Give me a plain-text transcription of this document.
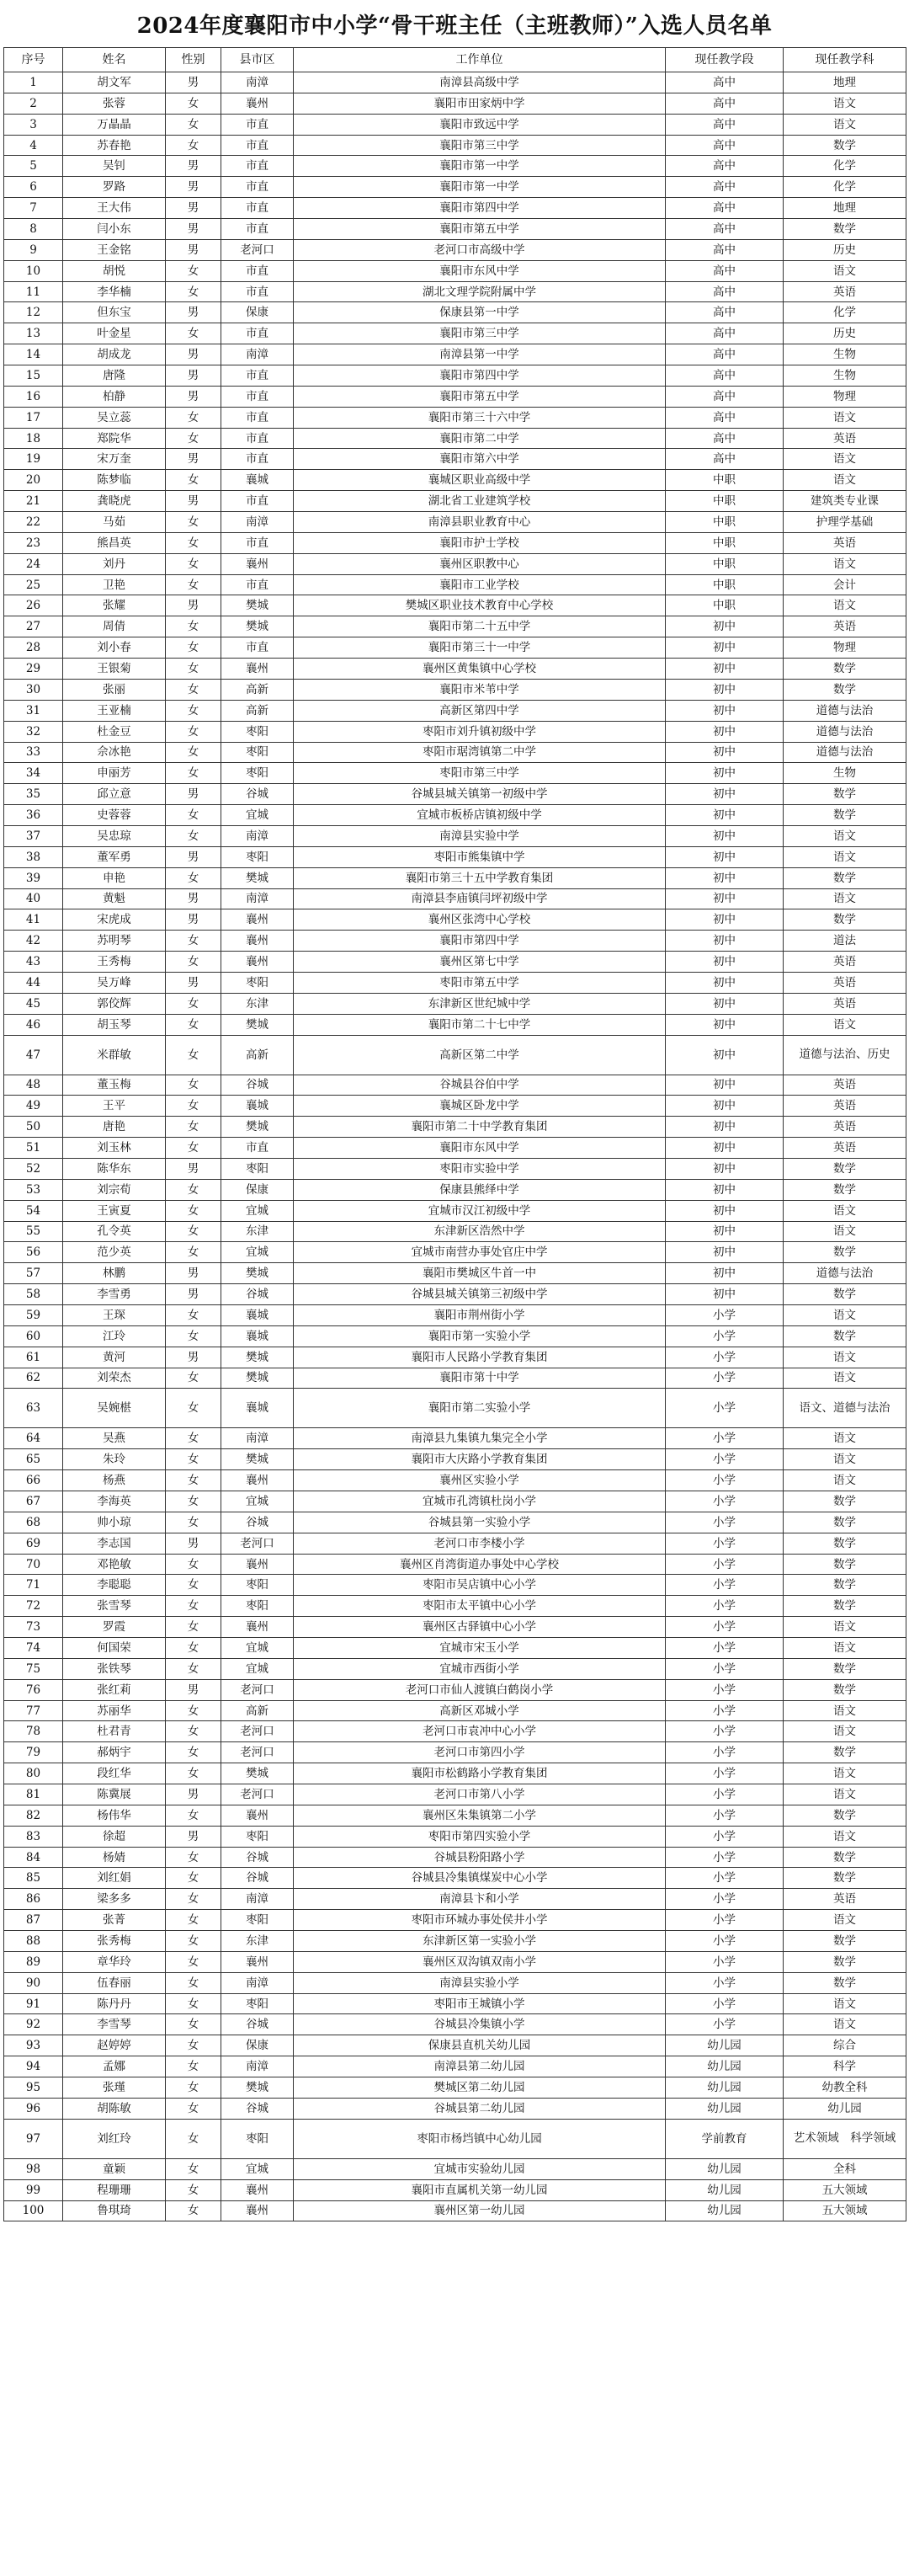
2024年度襄阳市中小学“骨干班主任（主班教师）”入选人员名单
序号	姓名	性别	县市区	工作单位	现任教学段	现任教学科
1	胡文军	男	南漳	南漳县高级中学	高中	地理
2	张蓉	女	襄州	襄阳市田家炳中学	高中	语文
3	万晶晶	女	市直	襄阳市致远中学	高中	语文
4	苏春艳	女	市直	襄阳市第三中学	高中	数学
5	吴钊	男	市直	襄阳市第一中学	高中	化学
6	罗路	男	市直	襄阳市第一中学	高中	化学
7	王大伟	男	市直	襄阳市第四中学	高中	地理
8	闫小东	男	市直	襄阳市第五中学	高中	数学
9	王金铭	男	老河口	老河口市高级中学	高中	历史
10	胡悦	女	市直	襄阳市东风中学	高中	语文
11	李华楠	女	市直	湖北文理学院附属中学	高中	英语
12	但东宝	男	保康	保康县第一中学	高中	化学
13	叶金星	女	市直	襄阳市第三中学	高中	历史
14	胡成龙	男	南漳	南漳县第一中学	高中	生物
15	唐隆	男	市直	襄阳市第四中学	高中	生物
16	柏静	男	市直	襄阳市第五中学	高中	物理
17	吴立蕊	女	市直	襄阳市第三十六中学	高中	语文
18	郑院华	女	市直	襄阳市第二中学	高中	英语
19	宋万奎	男	市直	襄阳市第六中学	高中	语文
20	陈梦临	女	襄城	襄城区职业高级中学	中职	语文
21	龚晓虎	男	市直	湖北省工业建筑学校	中职	建筑类专业课
22	马茹	女	南漳	南漳县职业教育中心	中职	护理学基础
23	熊昌英	女	市直	襄阳市护士学校	中职	英语
24	刘丹	女	襄州	襄州区职教中心	中职	语文
25	卫艳	女	市直	襄阳市工业学校	中职	会计
26	张耀	男	樊城	樊城区职业技术教育中心学校	中职	语文
27	周倩	女	樊城	襄阳市第二十五中学	初中	英语
28	刘小春	女	市直	襄阳市第三十一中学	初中	物理
29	王银菊	女	襄州	襄州区黄集镇中心学校	初中	数学
30	张丽	女	高新	襄阳市米苇中学	初中	数学
31	王亚楠	女	高新	高新区第四中学	初中	道德与法治
32	杜金豆	女	枣阳	枣阳市刘升镇初级中学	初中	道德与法治
33	佘冰艳	女	枣阳	枣阳市琚湾镇第二中学	初中	道德与法治
34	申丽芳	女	枣阳	枣阳市第三中学	初中	生物
35	邱立意	男	谷城	谷城县城关镇第一初级中学	初中	数学
36	史蓉蓉	女	宜城	宜城市板桥店镇初级中学	初中	数学
37	吴忠琼	女	南漳	南漳县实验中学	初中	语文
38	董军勇	男	枣阳	枣阳市熊集镇中学	初中	语文
39	申艳	女	樊城	襄阳市第三十五中学教育集团	初中	数学
40	黄魁	男	南漳	南漳县李庙镇闫坪初级中学	初中	语文
41	宋虎成	男	襄州	襄州区张湾中心学校	初中	数学
42	苏明琴	女	襄州	襄阳市第四中学	初中	道法
43	王秀梅	女	襄州	襄州区第七中学	初中	英语
44	吴万峰	男	枣阳	枣阳市第五中学	初中	英语
45	郭佼辉	女	东津	东津新区世纪城中学	初中	英语
46	胡玉琴	女	樊城	襄阳市第二十七中学	初中	语文
47	米群敏	女	高新	高新区第二中学	初中	道德与法治、历史
48	董玉梅	女	谷城	谷城县谷伯中学	初中	英语
49	王平	女	襄城	襄城区卧龙中学	初中	英语
50	唐艳	女	樊城	襄阳市第二十中学教育集团	初中	英语
51	刘玉林	女	市直	襄阳市东风中学	初中	英语
52	陈华东	男	枣阳	枣阳市实验中学	初中	数学
53	刘宗荀	女	保康	保康县熊绎中学	初中	数学
54	王寅夏	女	宜城	宜城市汉江初级中学	初中	语文
55	孔令英	女	东津	东津新区浩然中学	初中	语文
56	范少英	女	宜城	宜城市南营办事处官庄中学	初中	数学
57	林鹏	男	樊城	襄阳市樊城区牛首一中	初中	道德与法治
58	李雪勇	男	谷城	谷城县城关镇第三初级中学	初中	数学
59	王琛	女	襄城	襄阳市荆州街小学	小学	语文
60	江玲	女	襄城	襄阳市第一实验小学	小学	数学
61	黄河	男	樊城	襄阳市人民路小学教育集团	小学	语文
62	刘荣杰	女	樊城	襄阳市第十中学	小学	语文
63	吴婉椹	女	襄城	襄阳市第二实验小学	小学	语文、道德与法治
64	吴燕	女	南漳	南漳县九集镇九集完全小学	小学	语文
65	朱玲	女	樊城	襄阳市大庆路小学教育集团	小学	语文
66	杨燕	女	襄州	襄州区实验小学	小学	语文
67	李海英	女	宜城	宜城市孔湾镇杜岗小学	小学	数学
68	帅小琼	女	谷城	谷城县第一实验小学	小学	数学
69	李志国	男	老河口	老河口市李楼小学	小学	数学
70	邓艳敏	女	襄州	襄州区肖湾街道办事处中心学校	小学	数学
71	李聪聪	女	枣阳	枣阳市吴店镇中心小学	小学	数学
72	张雪琴	女	枣阳	枣阳市太平镇中心小学	小学	数学
73	罗霞	女	襄州	襄州区古驿镇中心小学	小学	语文
74	何国荣	女	宜城	宜城市宋玉小学	小学	语文
75	张铁琴	女	宜城	宜城市西街小学	小学	数学
76	张红莉	男	老河口	老河口市仙人渡镇白鹤岗小学	小学	数学
77	苏丽华	女	高新	高新区邓城小学	小学	语文
78	杜君青	女	老河口	老河口市袁冲中心小学	小学	语文
79	郝炳宇	女	老河口	老河口市第四小学	小学	数学
80	段红华	女	樊城	襄阳市松鹤路小学教育集团	小学	语文
81	陈冀展	男	老河口	老河口市第八小学	小学	语文
82	杨伟华	女	襄州	襄州区朱集镇第二小学	小学	数学
83	徐超	男	枣阳	枣阳市第四实验小学	小学	语文
84	杨婧	女	谷城	谷城县粉阳路小学	小学	数学
85	刘红娟	女	谷城	谷城县冷集镇煤炭中心小学	小学	数学
86	梁多多	女	南漳	南漳县卞和小学	小学	英语
87	张菁	女	枣阳	枣阳市环城办事处侯井小学	小学	语文
88	张秀梅	女	东津	东津新区第一实验小学	小学	数学
89	章华玲	女	襄州	襄州区双沟镇双南小学	小学	数学
90	伍春丽	女	南漳	南漳县实验小学	小学	数学
91	陈丹丹	女	枣阳	枣阳市王城镇小学	小学	语文
92	李雪琴	女	谷城	谷城县冷集镇小学	小学	语文
93	赵婷婷	女	保康	保康县直机关幼儿园	幼儿园	综合
94	孟娜	女	南漳	南漳县第二幼儿园	幼儿园	科学
95	张瑾	女	樊城	樊城区第二幼儿园	幼儿园	幼教全科
96	胡陈敏	女	谷城	谷城县第二幼儿园	幼儿园	幼儿园
97	刘红玲	女	枣阳	枣阳市杨垱镇中心幼儿园	学前教育	艺术领域　科学领域
98	童颖	女	宜城	宜城市实验幼儿园	幼儿园	全科
99	程珊珊	女	襄州	襄阳市直属机关第一幼儿园	幼儿园	五大领域
100	鲁琪琦	女	襄州	襄州区第一幼儿园	幼儿园	五大领域
